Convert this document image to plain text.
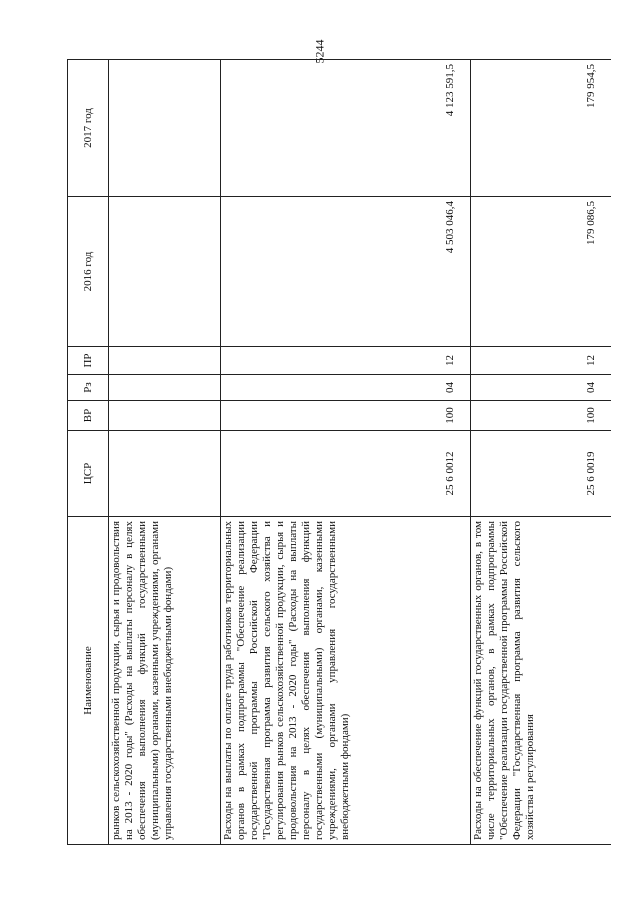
5244
Наименование	ЦСР	ВР	Рз	ПР	2016 год	2017 год
рынков сельскохозяйственной продукции, сырья и продовольствия на 2013 - 2020 годы" (Расходы на выплаты персоналу в целях обеспечения выполнения функций государственными (муниципальными) органами, казенными учреждениями, органами управления государственными внебюджетными фондами)						
Расходы на выплаты по оплате труда работников территориальных органов в рамках подпрограммы "Обеспечение реализации государственной программы Российской Федерации "Государственная программа развития сельского хозяйства и регулирования рынков сельскохозяйственной продукции, сырья и продовольствия на 2013 - 2020 годы" (Расходы на выплаты персоналу в целях обеспечения выполнения функций государственными (муниципальными) органами, казенными учреждениями, органами управления государственными внебюджетными фондами)	25 6 0012	100	04	12	4 503 046,4	4 123 591,5
Расходы на обеспечение функций государственных органов, в том числе территориальных органов, в рамках подпрограммы "Обеспечение реализации государственной программы Российской Федерации "Государственная программа развития сельского хозяйства и регулирования	25 6 0019	100	04	12	179 086,5	179 954,5
